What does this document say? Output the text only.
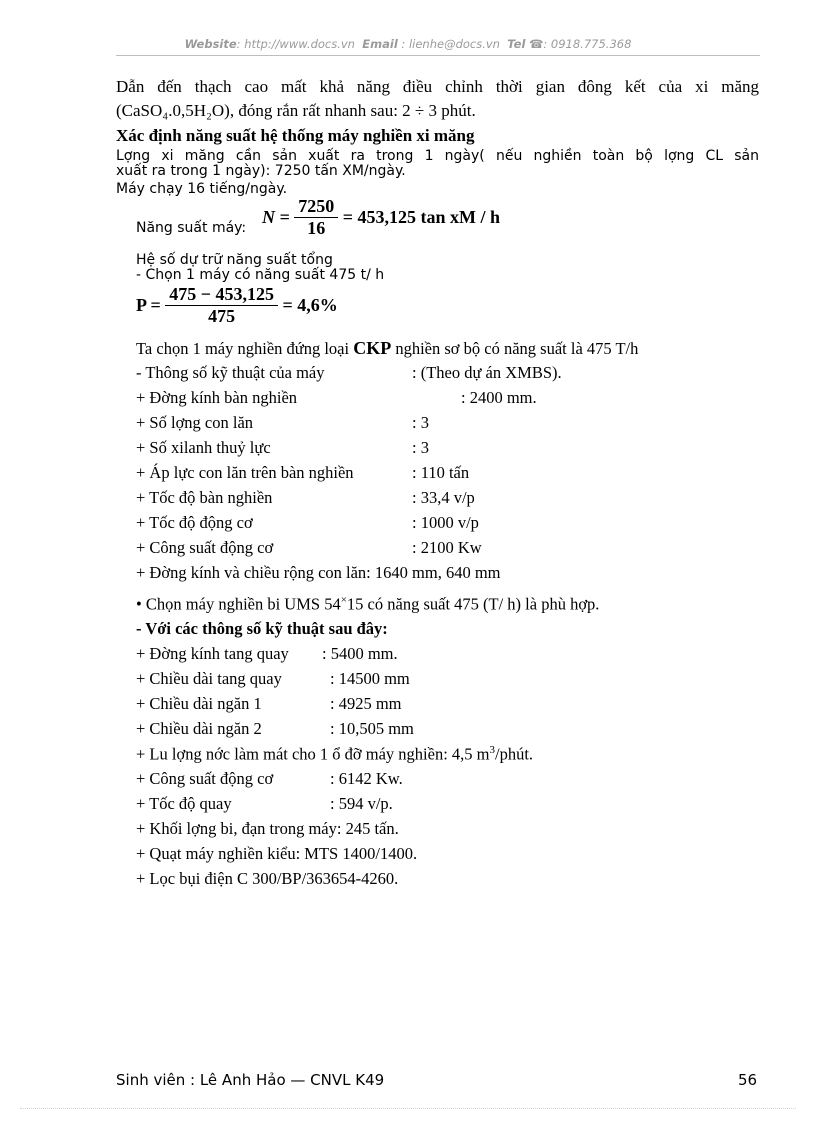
Website: http://www.docs.vn Email : lienhe@docs.vn Tel ☎: 0918.775.368
Dẫn đến thạch cao mất khả năng điều chỉnh thời gian đông kết của xi măng
(CaSO₄.0,5H₂O), đóng rắn rất nhanh sau: 2 ÷ 3 phút.
Xác định năng suất hệ thống máy nghiền xi măng
Lợng xi măng cần sản xuất ra trong 1 ngày( nếu nghiền toàn bộ lợng CL sản
xuất ra trong 1 ngày): 7250 tấn XM/ngày.
Máy chạy 16 tiếng/ngày.
Năng suất máy:
$N = \frac{7250}{16} = 453,125$ tan xM / h
Hệ số dự trữ năng suất tổng
- Chọn 1 máy có năng suất 475 t/ h
$P = \frac{475 - 453,125}{475} = 4,6\%$
Ta chọn 1 máy nghiền đứng loại CKP nghiền sơ bộ có năng suất là 475 T/h
- Thông số kỹ thuật của máy	: (Theo dự án XMBS).
+ Đờng kính bàn nghiền	: 2400 mm.
+ Số lợng con lăn	: 3
+ Số xilanh thuỷ lực	: 3
+ Áp lực con lăn trên bàn nghiền	: 110 tấn
+ Tốc độ bàn nghiền	: 33,4 v/p
+ Tốc độ động cơ	: 1000 v/p
+ Công suất động cơ	: 2100 Kw
+ Đờng kính và chiều rộng con lăn: 1640 mm, 640 mm
• Chọn máy nghiền bi UMS 54×15 có năng suất 475 (T/ h) là phù hợp.
- Với các thông số kỹ thuật sau đây:
+ Đờng kính tang quay : 5400 mm.
+ Chiều dài tang quay	: 14500 mm
+ Chiều dài ngăn 1	: 4925 mm
+ Chiều dài ngăn 2	: 10,505 mm
+ Lu lợng nớc làm mát cho 1 ổ đỡ máy nghiền: 4,5 $m^3$/phút.
+ Công suất động cơ	: 6142 Kw.
+ Tốc độ quay	: 594 v/p.
+ Khối lợng bi, đạn trong máy: 245 tấn.
+ Quạt máy nghiền kiểu: MTS 1400/1400.
+ Lọc bụi điện C 300/BP/363654-4260.
Sinh viên : Lê Anh Hảo — CNVL K49	56
